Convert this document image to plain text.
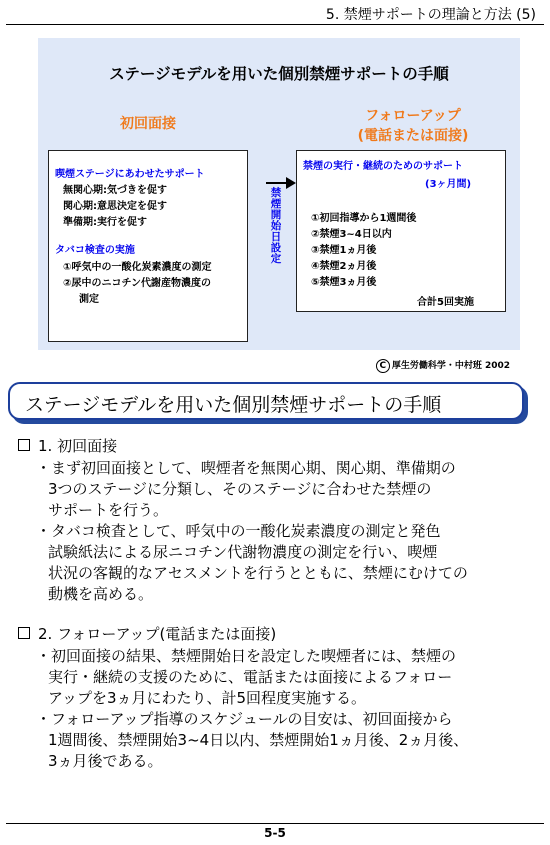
5. 禁煙サポートの理論と方法 (5)
ステージモデルを用いた個別禁煙サポートの手順
初回面接	フォローアップ
(電話または面接)
喫煙ステージにあわせたサポート
無関心期:気づきを促す
関心期:意思決定を促す
準備期:実行を促す
タバコ検査の実施
①呼気中の一酸化炭素濃度の測定
②尿中のニコチン代謝産物濃度の
測定
禁煙開始日設定
禁煙の実行・継続のためのサポート
(3ヶ月間)
①初回指導から1週間後
②禁煙3~4日以内
③禁煙1ヵ月後
④禁煙2ヵ月後
⑤禁煙3ヵ月後
合計5回実施
C 厚生労働科学・中村班 2002
ステージモデルを用いた個別禁煙サポートの手順
1. 初回面接
・まず初回面接として、喫煙者を無関心期、関心期、準備期の
3つのステージに分類し、そのステージに合わせた禁煙の
サポートを行う。
・タバコ検査として、呼気中の一酸化炭素濃度の測定と発色
試験紙法による尿ニコチン代謝物濃度の測定を行い、喫煙
状況の客観的なアセスメントを行うとともに、禁煙にむけての
動機を高める。
2. フォローアップ(電話または面接)
・初回面接の結果、禁煙開始日を設定した喫煙者には、禁煙の
実行・継続の支援のために、電話または面接によるフォロー
アップを3ヵ月にわたり、計5回程度実施する。
・フォローアップ指導のスケジュールの目安は、初回面接から
1週間後、禁煙開始3~4日以内、禁煙開始1ヵ月後、2ヵ月後、
3ヵ月後である。
5-5
